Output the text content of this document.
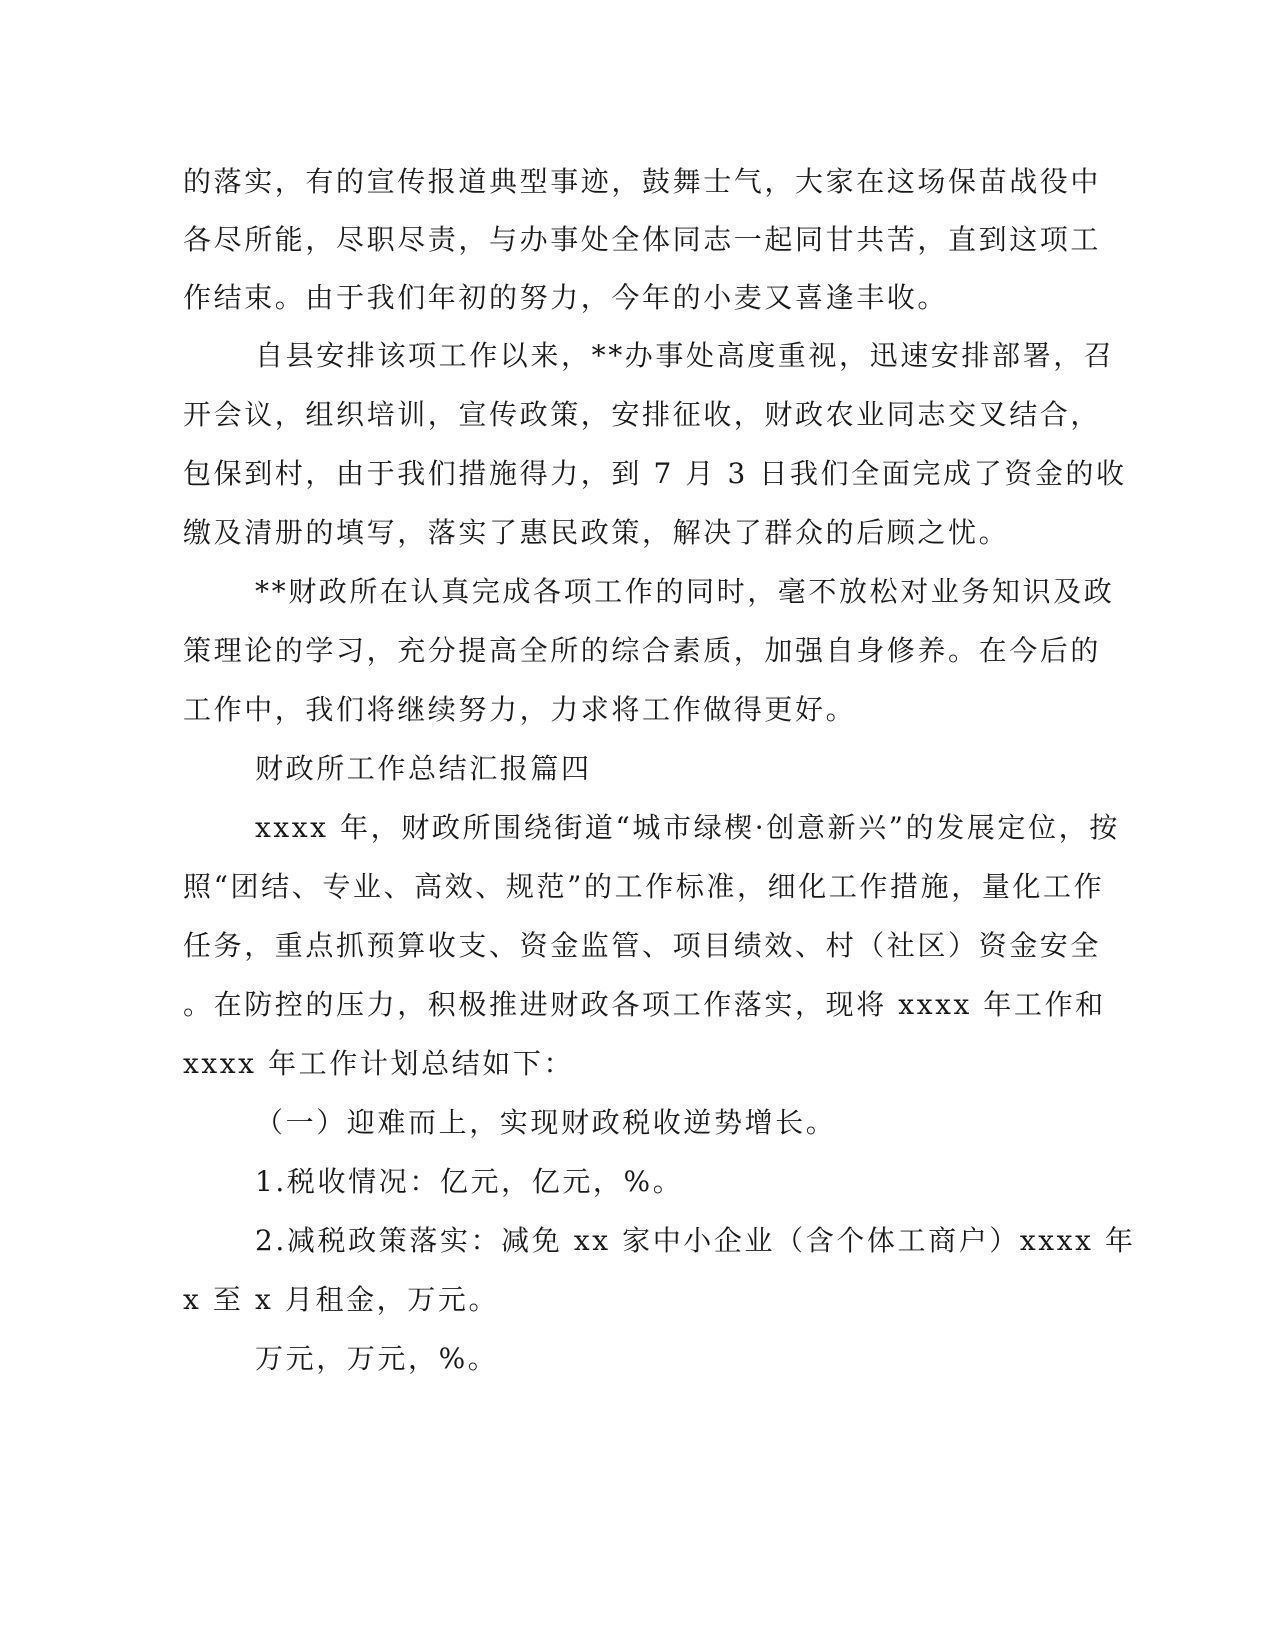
的落实，有的宣传报道典型事迹，鼓舞士气，大家在这场保苗战役中
各尽所能，尽职尽责，与办事处全体同志一起同甘共苦，直到这项工
作结束。由于我们年初的努力，今年的小麦又喜逢丰收。
自县安排该项工作以来，**办事处高度重视，迅速安排部署，召
开会议，组织培训，宣传政策，安排征收，财政农业同志交叉结合，
包保到村，由于我们措施得力，到 7 月 3 日我们全面完成了资金的收
缴及清册的填写，落实了惠民政策，解决了群众的后顾之忧。
**财政所在认真完成各项工作的同时，毫不放松对业务知识及政
策理论的学习，充分提高全所的综合素质，加强自身修养。在今后的
工作中，我们将继续努力，力求将工作做得更好。
财政所工作总结汇报篇四
xxxx 年，财政所围绕街道“城市绿楔·创意新兴”的发展定位，按
照“团结、专业、高效、规范”的工作标准，细化工作措施，量化工作
任务，重点抓预算收支、资金监管、项目绩效、村（社区）资金安全
。在防控的压力，积极推进财政各项工作落实，现将 xxxx 年工作和
xxxx 年工作计划总结如下：
（一）迎难而上，实现财政税收逆势增长。
1.税收情况：亿元，亿元，%。
2.减税政策落实：减免 xx 家中小企业（含个体工商户）xxxx 年
x 至 x 月租金，万元。
万元，万元，%。
